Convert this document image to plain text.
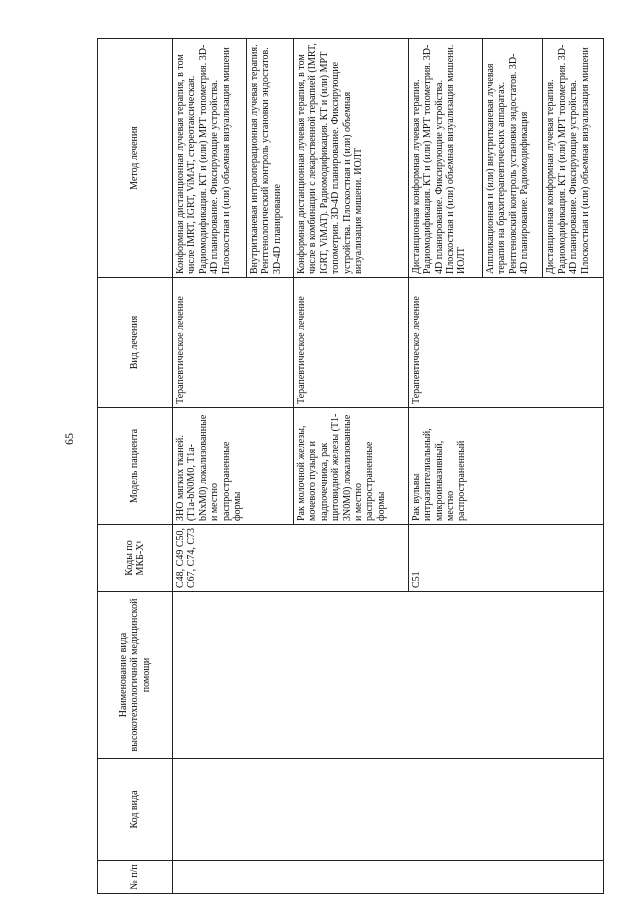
65
№ п/п	Код вида	Наименование вида высокотехнологичной медицинской помощи	Коды по МКБ-X¹	Модель пациента	Вид лечения	Метод лечения
			C48, C49 C50, C67, C74, C73	ЗНО мягких тканей. (T1a-bN0M0, T1a-bNxM0) локализованные и местно распространенные формы	Терапевтическое лечение	Конформная дистанционная лучевая терапия, в том числе IMRT, IGRT, ViMAT, стереотаксическая. Радиомодификация. КТ и (или) МРТ топометрия. 3D-4D планирование. Фиксирующие устройства. Плоскостная и (или) объемная визуализация мишени
						Внутритканевая интраоперационная лучевая терапия. Рентгенологический контроль установки эндостатов. 3D-4D планирование
				Рак молочной железы, мочевого пузыря и надпочечника, рак щитовидной железы (T1-3N0M0) локализованные и местно распространенные формы	Терапевтическое лечение	Конформная дистанционная лучевая терапия, в том числе в комбинации с лекарственной терапией (IMRT, IGRT, ViMAT). Радиомодификация. КТ и (или) МРТ топометрия. 3D-4D планирование. Фиксирующие устройства. Плоскостная и (или) объемная визуализация мишени. ИОЛТ
			C51	Рак вульвы интраэпителиальный, микроинвазивный, местно распространенный	Терапевтическое лечение	Дистанционная конформная лучевая терапия. Радиомодификация. КТ и (или) МРТ топометрия. 3D-4D планирование. Фиксирующие устройства. Плоскостная и (или) объемная визуализация мишени. ИОЛТ
						Аппликационная и (или) внутритканевая лучевая терапия на брахитерапевтических аппаратах. Рентгеновский контроль установки эндостатов. 3D-4D планирование. Радиомодификация
						Дистанционная конформная лучевая терапия. Радиомодификация. КТ и (или) МРТ топометрия. 3D-4D планирование. Фиксирующие устройства. Плоскостная и (или) объемная визуализация мишени
